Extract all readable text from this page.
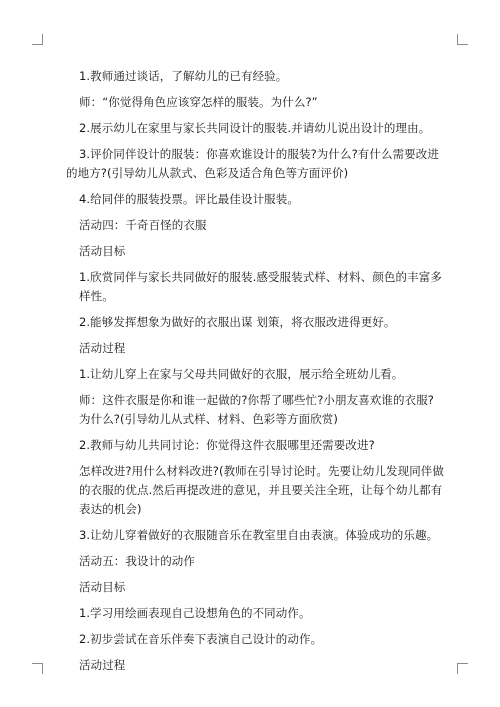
1.教师通过谈话，了解幼儿的已有经验。

师：“你觉得角色应该穿怎样的服装。为什么?”

2.展示幼儿在家里与家长共同设计的服装.并请幼儿说出设计的理由。

3.评价同伴设计的服装：你喜欢谁设计的服装?为什么?有什么需要改进的地方?(引导幼儿从款式、色彩及适合角色等方面评价)

4.给同伴的服装投票。评比最佳设计服装。

活动四：千奇百怪的衣服

活动目标

1.欣赏同伴与家长共同做好的服装.感受服装式样、材料、颜色的丰富多样性。

2.能够发挥想象为做好的衣服出谋 划策，将衣服改进得更好。

活动过程

1.让幼儿穿上在家与父母共同做好的衣服，展示给全班幼儿看。

师：这件衣服是你和谁一起做的?你帮了哪些忙?小朋友喜欢谁的衣服?为什么?(引导幼儿从式样、材料、色彩等方面欣赏)

2.教师与幼儿共同讨论：你觉得这件衣服哪里还需要改进?

怎样改进?用什么材料改进?(教师在引导讨论时。先要让幼儿发现同伴做的衣服的优点.然后再提改进的意见，并且要关注全班，让每个幼儿都有表达的机会)

3.让幼儿穿着做好的衣服随音乐在教室里自由表演。体验成功的乐趣。

活动五：我设计的动作

活动目标

1.学习用绘画表现自己设想角色的不同动作。

2.初步尝试在音乐伴奏下表演自己设计的动作。

活动过程
